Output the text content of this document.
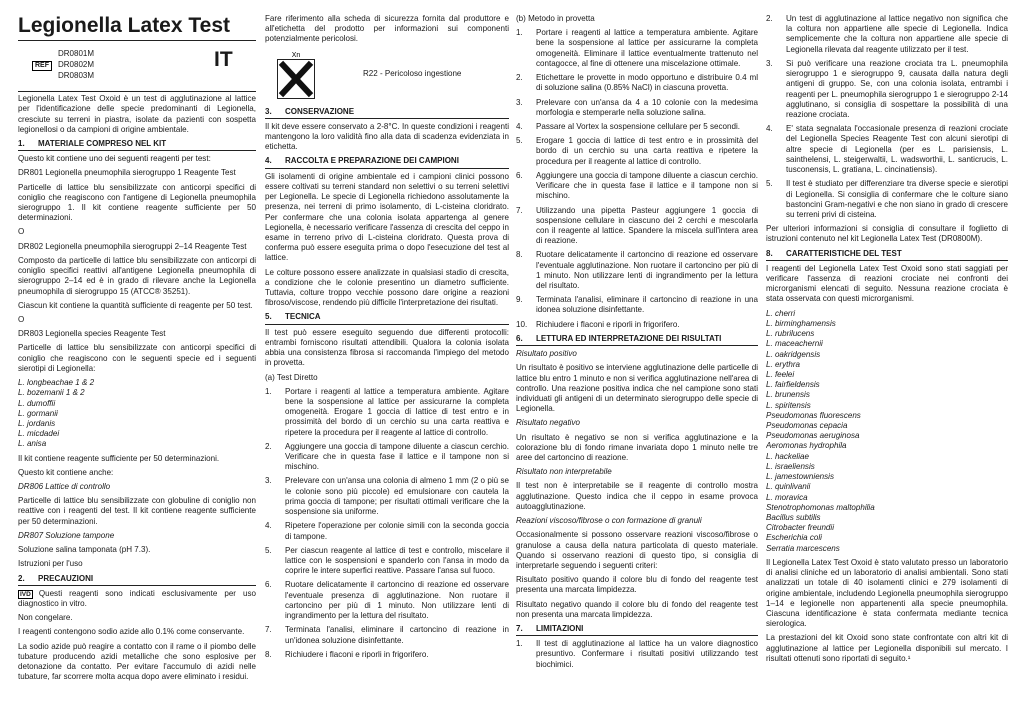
Legionella Latex Test
REF
DR0801M
DR0802M
DR0803M
IT

Legionella Latex Test Oxoid è un test di agglutinazione al lattice per l'identificazione delle specie predominanti di Legionella, cresciute su terreni in piastra, isolate da pazienti con sospetta legionellosi o da campioni di origine ambientale.

1. MATERIALE COMPRESO NEL KIT

Questo kit contiene uno dei seguenti reagenti per test:

DR801 Legionella pneumophila sierogruppo 1 Reagente Test

Particelle di lattice blu sensibilizzate con anticorpi specifici di coniglio che reagiscono con l'antigene di Legionella pneumophila sierogruppo 1. Il kit contiene reagente sufficiente per 50 determinazioni.

O

DR802 Legionella pneumophila sierogruppi 2–14 Reagente Test

Composto da particelle di lattice blu sensibilizzate con anticorpi di coniglio specifici reattivi all'antigene Legionella pneumophila di sierogruppo 2–14 ed è in grado di rilevare anche la Legionella pneumophila di sierogruppo 15 (ATCC® 35251).

Ciascun kit contiene la quantità sufficiente di reagente per 50 test.

O

DR803 Legionella species Reagente Test

Particelle di lattice blu sensibilizzate con anticorpi specifici di coniglio che reagiscono con le seguenti specie ed i seguenti sierotipi di Legionella:

L. longbeachae 1 & 2
L. bozemanii 1 & 2
L. dumoffii
L. gormanii
L. jordanis
L. micdadei
L. anisa

Il kit contiene reagente sufficiente per 50 determinazioni.

Questo kit contiene anche:

DR806 Lattice di controllo

Particelle di lattice blu sensibilizzate con globuline di coniglio non reattive con i reagenti del test. Il kit contiene reagente sufficiente per 50 determinazioni.

DR807 Soluzione tampone

Soluzione salina tamponata (pH 7.3).

Istruzioni per l'uso

2. PRECAUZIONI

IVD Questi reagenti sono indicati esclusivamente per uso diagnostico in vitro.

Non congelare.

I reagenti contengono sodio azide allo 0.1% come conservante.

La sodio azide può reagire a contatto con il rame o il piombo delle tubature producendo azidi metalliche che sono esplosive per detonazione da contatto. Per evitare l'accumulo di azidi nelle tubature, far scorrere molta acqua dopo avere eliminato i residui.

Fare riferimento alla scheda di sicurezza fornita dal produttore e all'etichetta del prodotto per informazioni sui componenti potenzialmente pericolosi.

Xn
R22 - Pericoloso ingestione
3. CONSERVAZIONE

Il kit deve essere conservato a 2-8°C. In queste condizioni i reagenti mantengono la loro validità fino alla data di scadenza evidenziata in etichetta.

4. RACCOLTA E PREPARAZIONE DEI CAMPIONI

Gli isolamenti di origine ambientale ed i campioni clinici possono essere coltivati su terreni standard non selettivi o su terreni selettivi per Legionella. Le specie di Legionella richiedono assolutamente la presenza, nei terreni di primo isolamento, di L-cisteina cloridrato. Per confermare che una colonia isolata appartenga al genere Legionella, è necessario verificare l'assenza di crescita del ceppo in esame in terreno privo di L-cisteina cloridrato. Questa prova di conferma può essere eseguita prima o dopo l'esecuzione del test al lattice.

Le colture possono essere analizzate in qualsiasi stadio di crescita, a condizione che le colonie presentino un diametro sufficiente. Tuttavia, colture troppo vecchie possono dare origine a reazioni fibroso/viscose, rendendo più difficile l'interpretazione dei risultati.

5. TECNICA

Il test può essere eseguito seguendo due differenti protocolli: entrambi forniscono risultati attendibili. Qualora la colonia isolata abbia una consistenza fibrosa si raccomanda l'impiego del metodo in provetta.

(a) Test Diretto

1.	Portare i reagenti al lattice a temperatura ambiente. Agitare bene la sospensione al lattice per assicurarne la completa omogeneità. Erogare 1 goccia di lattice di test entro e in prossimità del bordo di un cerchio su una carta reattiva e ripetere la procedura per il reagente al lattice di controllo.
2.	Aggiungere una goccia di tampone diluente a ciascun cerchio. Verificare che in questa fase il lattice e il tampone non si mischino.
3.	Prelevare con un'ansa una colonia di almeno 1 mm (2 o più se le colonie sono più piccole) ed emulsionare con cautela la prima goccia di tampone; per risultati ottimali verificare che la sospensione sia uniforme.
4.	Ripetere l'operazione per colonie simili con la seconda goccia di tampone.
5.	Per ciascun reagente al lattice di test e controllo, miscelare il lattice con le sospensioni e spanderlo con l'ansa in modo da coprire le intere superfici reattive. Passare l'ansa sul fuoco.
6.	Ruotare delicatamente il cartoncino di reazione ed osservare l'eventuale presenza di agglutinazione. Non ruotare il cartoncino per più di 1 minuto. Non utilizzare lenti di ingrandimento per la lettura del risultato.
7.	Terminata l'analisi, eliminare il cartoncino di reazione in un'idonea soluzione disinfettante.
8.	Richiudere i flaconi e riporli in frigorifero.

(b) Metodo in provetta

1.	Portare i reagenti al lattice a temperatura ambiente. Agitare bene la sospensione al lattice per assicurarne la completa omogeneità. Eliminare il lattice eventualmente trattenuto nel contagocce, al fine di ottenere una miscelazione ottimale.
2.	Etichettare le provette in modo opportuno e distribuire 0.4 ml di soluzione salina (0.85% NaCl) in ciascuna provetta.
3.	Prelevare con un'ansa da 4 a 10 colonie con la medesima morfologia e stemperarle nella soluzione salina.
4.	Passare al Vortex la sospensione cellulare per 5 secondi.
5.	Erogare 1 goccia di lattice di test entro e in prossimità del bordo di un cerchio su una carta reattiva e ripetere la procedura per il reagente al lattice di controllo.
6.	Aggiungere una goccia di tampone diluente a ciascun cerchio. Verificare che in questa fase il lattice e il tampone non si mischino.
7.	Utilizzando una pipetta Pasteur aggiungere 1 goccia di sospensione cellulare in ciascuno dei 2 cerchi e mescolarla con il reagente al lattice. Spandere la miscela sull'intera area di reazione.
8.	Ruotare delicatamente il cartoncino di reazione ed osservare l'eventuale agglutinazione. Non ruotare il cartoncino per più di 1 minuto. Non utilizzare lenti di ingrandimento per la lettura del risultato.
9.	Terminata l'analisi, eliminare il cartoncino di reazione in una idonea soluzione disinfettante.
10.	Richiudere i flaconi e riporli in frigorifero.
6. LETTURA ED INTERPRETAZIONE DEI RISULTATI

Risultato positivo

Un risultato è positivo se interviene agglutinazione delle particelle di lattice blu entro 1 minuto e non si verifica agglutinazione nell'area di controllo. Una reazione positiva indica che nel campione sono stati individuati gli antigeni di un determinato sierogruppo delle specie di Legionella.

Risultato negativo

Un risultato è negativo se non si verifica agglutinazione e la colorazione blu di fondo rimane invariata dopo 1 minuto nelle tre aree del cartoncino di reazione.

Risultato non interpretabile

Il test non è interpretabile se il reagente di controllo mostra agglutinazione. Questo indica che il ceppo in esame provoca autoagglutinazione.

Reazioni viscoso/fibrose o con formazione di granuli

Occasionalmente si possono osservare reazioni viscoso/fibrose o granulose a causa della natura particolata di questo materiale. Quando si osservano reazioni di questo tipo, si consiglia di interpretarle seguendo i seguenti criteri:

Risultato positivo quando il colore blu di fondo del reagente test presenta una marcata limpidezza.

Risultato negativo quando il colore blu di fondo del reagente test non presenta una marcata limpidezza.

7. LIMITAZIONI
1.	Il test di agglutinazione al lattice ha un valore diagnostico presuntivo. Confermare i risultati positivi utilizzando test biochimici.
2.	Un test di agglutinazione al lattice negativo non significa che la coltura non appartiene alle specie di Legionella. Indica semplicemente che la coltura non appartiene alle specie di Legionella rilevata dal reagente utilizzato per il test.
3.	Si può verificare una reazione crociata tra L. pneumophila sierogruppo 1 e sierogruppo 9, causata dalla natura degli antigeni di gruppo. Se, con una colonia isolata, entrambi i reagenti per L. pneumophila sierogruppo 1 e sierogruppo 2-14 agglutinano, si consiglia di sospettare la possibilità di una reazione crociata.
4.	E' stata segnalata l'occasionale presenza di reazioni crociate del Legionella Species Reagente Test con alcuni sierotipi di altre specie di Legionella (per es L. parisiensis, L. sainthelensi, L. steigerwaltii, L. wadsworthii, L. santicrucis, L. tusconensis, L. gratiana, L. cincinatiensis).
5.	Il test è studiato per differenziare tra diverse specie e sierotipi di Legionella. Si consiglia di confermare che le colture siano bastoncini Gram-negativi e che non siano in grado di crescere su terreni privi di cisteina.

Per ulteriori informazioni si consiglia di consultare il foglietto di istruzioni contenuto nel kit Legionella Latex Test (DR0800M).

8. CARATTERISTICHE DEL TEST

I reagenti del Legionella Latex Test Oxoid sono stati saggiati per verificare l'assenza di reazioni crociate nei confronti dei microrganismi elencati di seguito. Nessuna reazione crociata è stata osservata con questi microrganismi.

L. cherri
L. birminghamensis
L. rubrilucens
L. maceachernii
L. oakridgensis
L. erythra
L. feelei
L. fairfieldensis
L. brunensis
L. spiritensis
Pseudomonas fluorescens
Pseudomonas cepacia
Pseudomonas aeruginosa
Aeromonas hydrophila
L. hackeliae
L. israeliensis
L. jamestowniensis
L. quinlivanii
L. moravica
Stenotrophomonas maltophilia
Bacillus subtilis
Citrobacter freundii
Escherichia coli
Serratia marcescens

Il Legionella Latex Test Oxoid è stato valutato presso un laboratorio di analisi cliniche ed un laboratorio di analisi ambientali. Sono stati analizzati un totale di 40 isolamenti clinici e 279 isolamenti di origine ambientale, includendo Legionella pneumophila sierogruppo 1–14 e legionelle non appartenenti alla specie pneumophila. Ciascuna identificazione è stata confermata mediante tecnica sierologica.

La prestazioni del kit Oxoid sono state confrontate con altri kit di agglutinazione al lattice per Legionella disponibili sul mercato. I risultati ottenuti sono riportati di seguito.¹
